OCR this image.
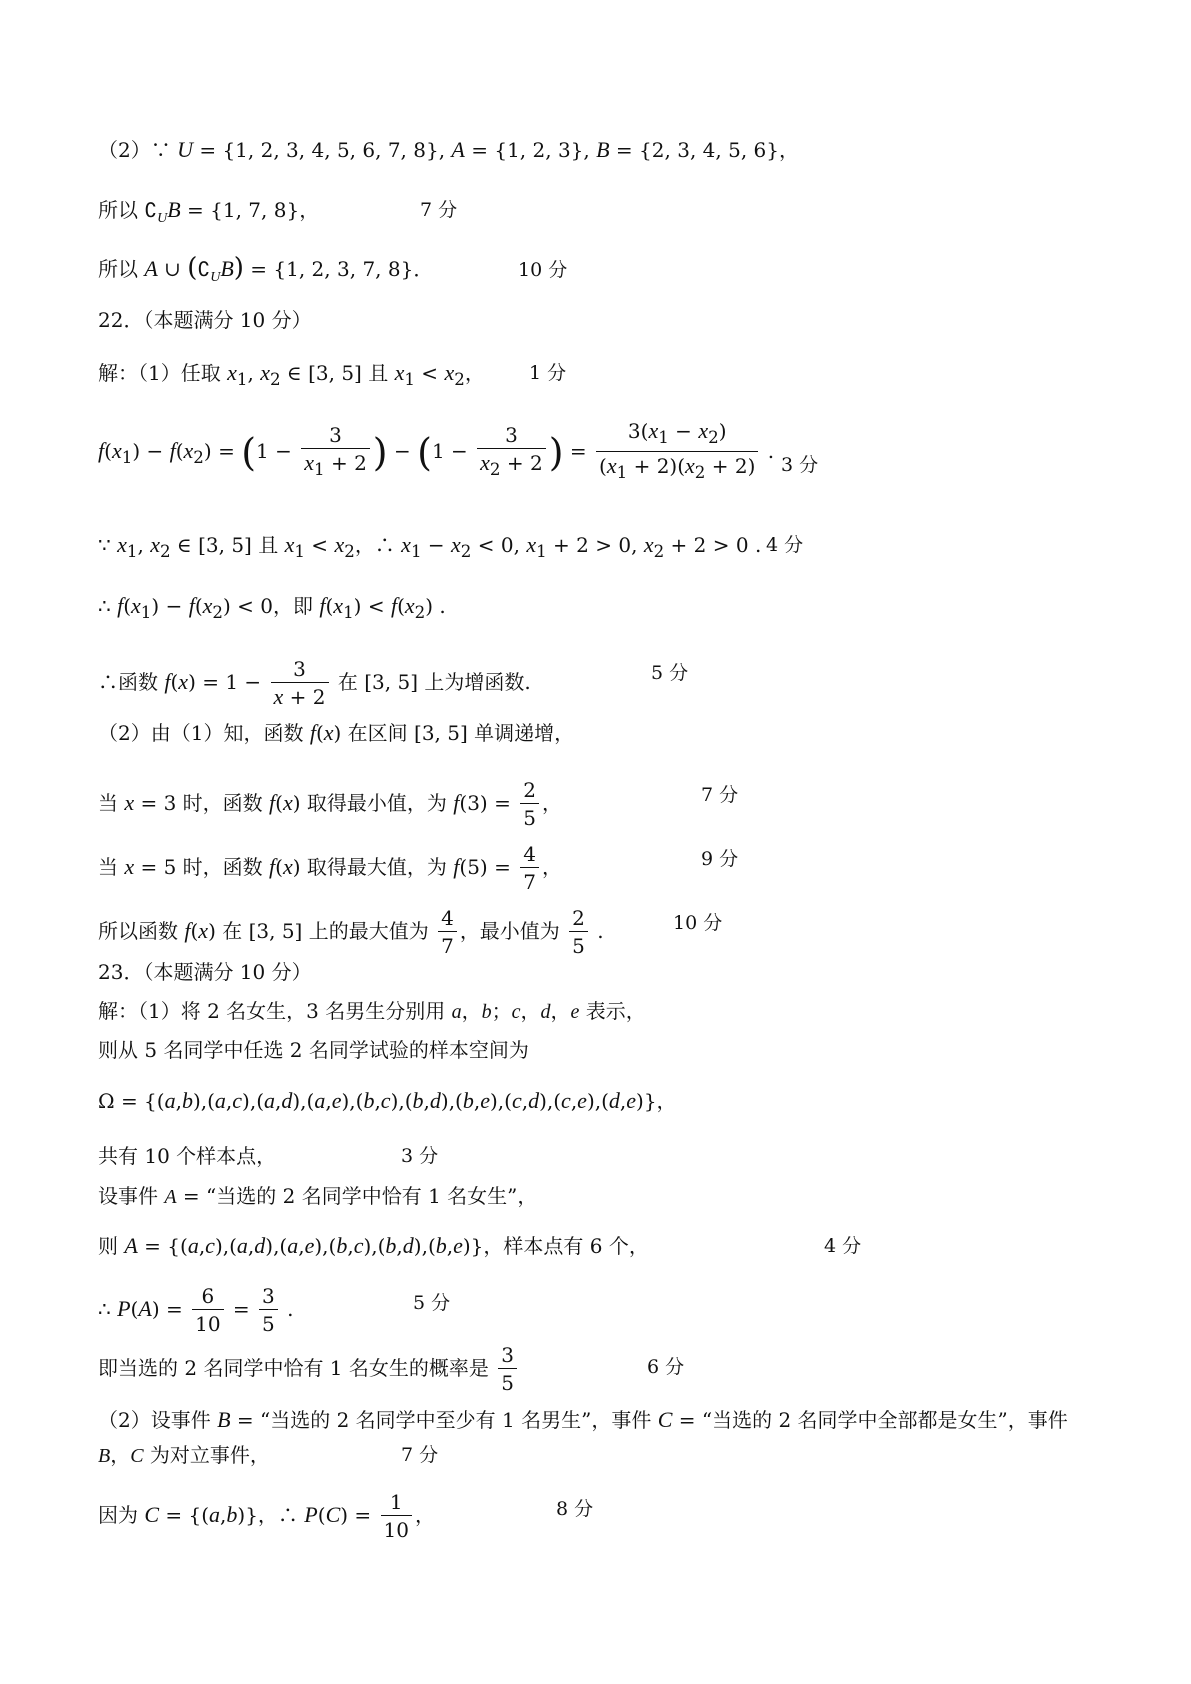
（2）∵ U = {1, 2, 3, 4, 5, 6, 7, 8}, A = {1, 2, 3}, B = {2, 3, 4, 5, 6}，
所以 $∁_UB = \{1$, 7, 8}，	7 分
所以 A ∪ $(∁_UB) = \{1$, 2, 3, 7, 8}．	10 分
22．（本题满分 10 分）
解：（1）任取 $x_1$, $x_2$ ∈ [3, 5] 且 $x_1 < x_2$， 1 分
$f(x_1) - f(x_2) = (1 - \frac{3}{x_1 + 2}$ ) − ($1 - \frac{3}{x_2 + 2}$ ) = $\frac{3(x_1 - x_2)}{(x_1 + 2)(x_2 + 2)}$ .
3 分
∵ $x_1$, $x_2$ ∈ [3, 5] 且 $x_1 < x_2$，∴ $x_1 - x_2 < 0$, $x_1 + 2 > 0$, $x_2 + 2 > 0$ . 4 分
∴ $f(x_1) - f(x_2) < 0$，即 $f(x_1) < f(x_2)$ .
∴函数 $f(x) = 1 - \frac{3}{x + 2}$ 在 [3, 5] 上为增函数.	5 分
（2）由（1）知，函数 f(x) 在区间 [3, 5] 单调递增，
当 x = 3 时，函数 f(x) 取得最小值，为 $f(3) = \frac{2}{5}$ ，	7 分
当 x = 5 时，函数 f(x) 取得最大值，为 $f(5) = \frac{4}{7}$ ，	9 分
所以函数 f(x) 在 [3, 5] 上的最大值为 $\frac{4}{7}$ ，最小值为 $\frac{2}{5}$ .	10 分
23．（本题满分 10 分）
解：（1）将 2 名女生，3 名男生分别用 a，b；c，d，e 表示，
则从 5 名同学中任选 2 名同学试验的样本空间为
Ω = {(a,b),(a,c),(a,d),(a,e),(b,c),(b,d),(b,e),(c,d),(c,e),(d,e)}，
共有 10 个样本点，	3 分
设事件 A = “当选的 2 名同学中恰有 1 名女生”，
则 A = {(a,c),(a,d),(a,e),(b,c),(b,d),(b,e)}，样本点有 6 个，	4 分
∴ $P(A) = \frac{6}{10} = \frac{3}{5}$ .	5 分
即当选的 2 名同学中恰有 1 名女生的概率是 $\frac{3}{5}$	6 分
（2）设事件 B = “当选的 2 名同学中至少有 1 名男生”，事件 C = “当选的 2 名同学中全部都是女生”，事件
B，C 为对立事件，	7 分
因为 C = {(a,b)}，∴ $P(C) = \frac{1}{10}$ ，	8 分
